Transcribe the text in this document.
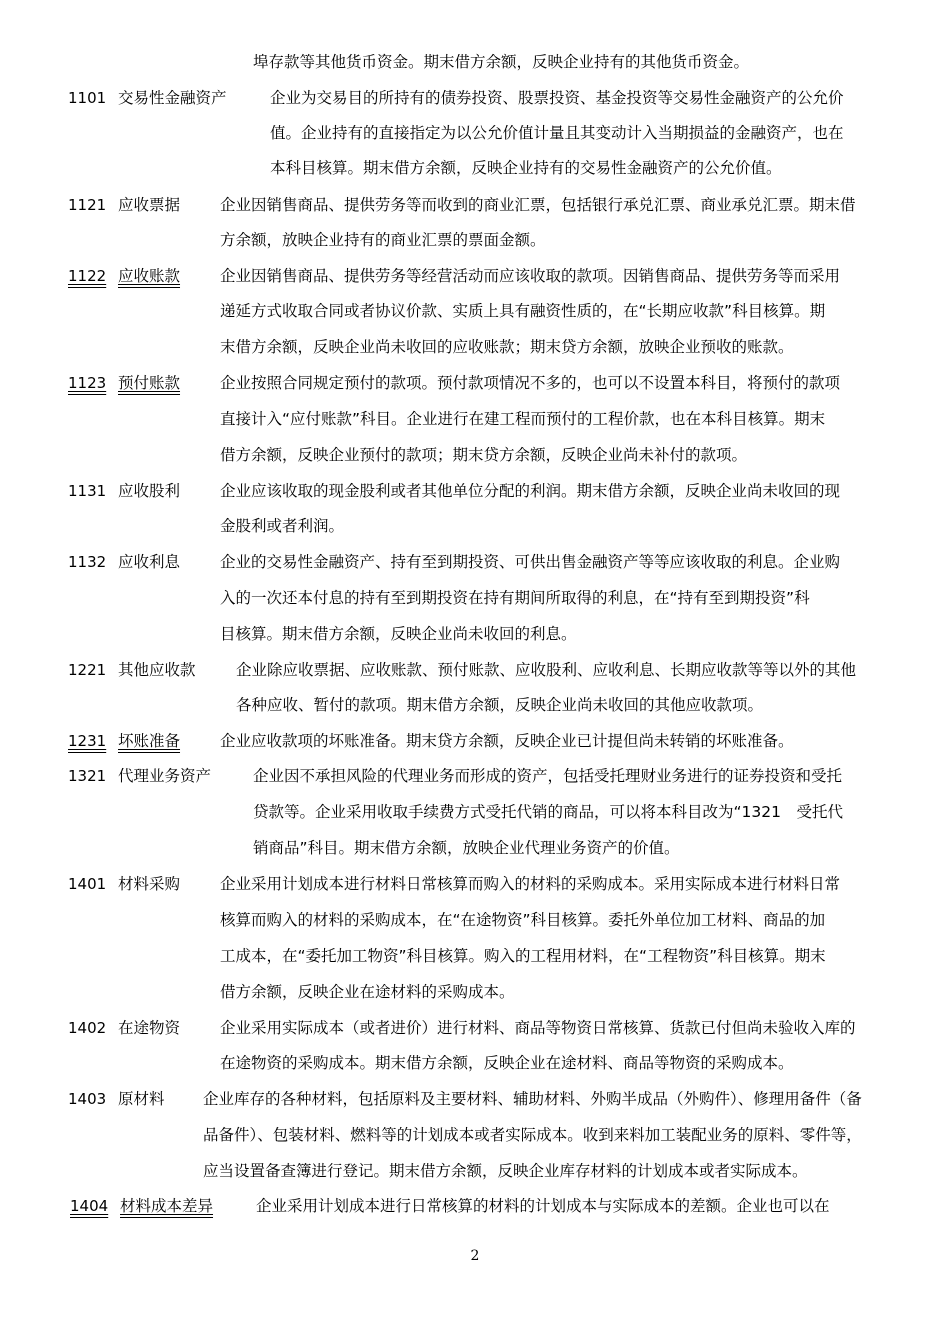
埠存款等其他货币资金。期末借方余额，反映企业持有的其他货币资金。
1101 交易性金融资产	企业为交易目的所持有的债券投资、股票投资、基金投资等交易性金融资产的公允价
值。企业持有的直接指定为以公允价值计量且其变动计入当期损益的金融资产，也在
本科目核算。期末借方余额，反映企业持有的交易性金融资产的公允价值。
1121 应收票据	企业因销售商品、提供劳务等而收到的商业汇票，包括银行承兑汇票、商业承兑汇票。期末借
方余额，放映企业持有的商业汇票的票面金额。
1122 应收账款	企业因销售商品、提供劳务等经营活动而应该收取的款项。因销售商品、提供劳务等而采用
递延方式收取合同或者协议价款、实质上具有融资性质的，在“长期应收款”科目核算。期
末借方余额，反映企业尚未收回的应收账款；期末贷方余额，放映企业预收的账款。
1123 预付账款	企业按照合同规定预付的款项。预付款项情况不多的，也可以不设置本科目，将预付的款项
直接计入“应付账款”科目。企业进行在建工程而预付的工程价款，也在本科目核算。期末
借方余额，反映企业预付的款项；期末贷方余额，反映企业尚未补付的款项。
1131 应收股利	企业应该收取的现金股利或者其他单位分配的利润。期末借方余额，反映企业尚未收回的现
金股利或者利润。
1132 应收利息	企业的交易性金融资产、持有至到期投资、可供出售金融资产等等应该收取的利息。企业购
入的一次还本付息的持有至到期投资在持有期间所取得的利息，在“持有至到期投资”科
目核算。期末借方余额，反映企业尚未收回的利息。
1221 其他应收款	企业除应收票据、应收账款、预付账款、应收股利、应收利息、长期应收款等等以外的其他
各种应收、暂付的款项。期末借方余额，反映企业尚未收回的其他应收款项。
1231 坏账准备	企业应收款项的坏账准备。期末贷方余额，反映企业已计提但尚未转销的坏账准备。
1321 代理业务资产	企业因不承担风险的代理业务而形成的资产，包括受托理财业务进行的证券投资和受托
贷款等。企业采用收取手续费方式受托代销的商品，可以将本科目改为“1321　受托代
销商品”科目。期末借方余额，放映企业代理业务资产的价值。
1401 材料采购	企业采用计划成本进行材料日常核算而购入的材料的采购成本。采用实际成本进行材料日常
核算而购入的材料的采购成本，在“在途物资”科目核算。委托外单位加工材料、商品的加
工成本，在“委托加工物资”科目核算。购入的工程用材料，在“工程物资”科目核算。期末
借方余额，反映企业在途材料的采购成本。
1402 在途物资	企业采用实际成本（或者进价）进行材料、商品等物资日常核算、货款已付但尚未验收入库的
在途物资的采购成本。期末借方余额，反映企业在途材料、商品等物资的采购成本。
1403 原材料 企业库存的各种材料，包括原料及主要材料、辅助材料、外购半成品（外购件）、修理用备件（备
品备件）、包装材料、燃料等的计划成本或者实际成本。收到来料加工装配业务的原料、零件等，
应当设置备查簿进行登记。期末借方余额，反映企业库存材料的计划成本或者实际成本。
1404 材料成本差异	企业采用计划成本进行日常核算的材料的计划成本与实际成本的差额。企业也可以在
2
